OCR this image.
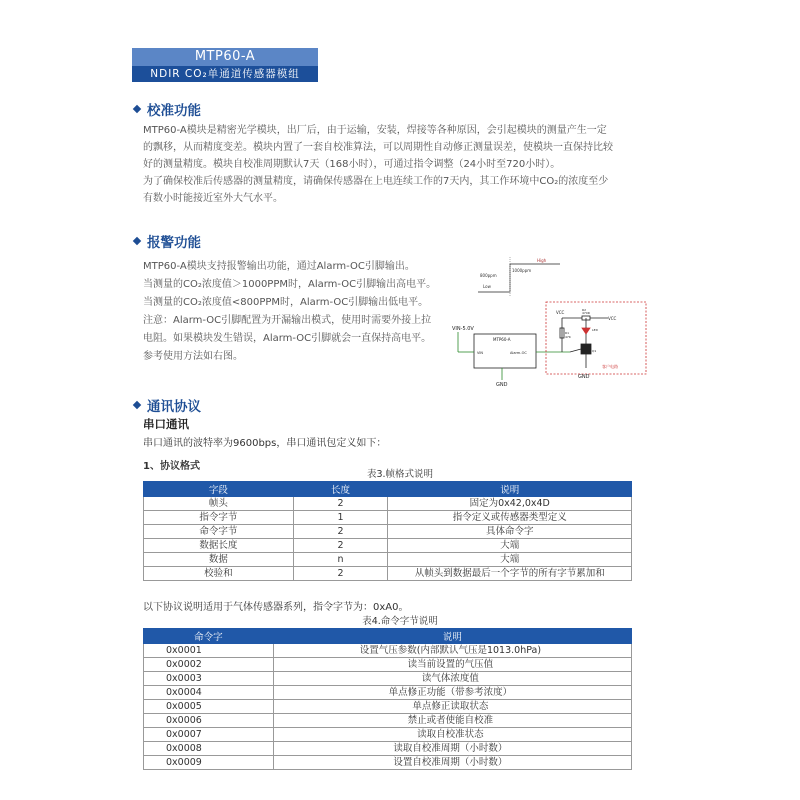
MTP60-A
NDIR CO₂单通道传感器模组
校准功能
MTP60-A模块是精密光学模块，出厂后，由于运输，安装，焊接等各种原因，会引起模块的测量产生一定
的飘移，从而精度变差。模块内置了一套自校准算法，可以周期性自动修正测量误差，使模块一直保持比较
好的测量精度。模块自校准周期默认7天（168小时），可通过指令调整（24小时至720小时）。
为了确保校准后传感器的测量精度，请确保传感器在上电连续工作的7天内，其工作环境中CO₂的浓度至少
有数小时能接近室外大气水平。
报警功能
MTP60-A模块支持报警输出功能，通过Alarm-OC引脚输出。
当测量的CO₂浓度值＞1000PPM时，Alarm-OC引脚输出高电平。
当测量的CO₂浓度值<800PPM时，Alarm-OC引脚输出低电平。
注意：Alarm-OC引脚配置为开漏输出模式，使用时需要外接上拉
电阻。如果模块发生错误，Alarm-OC引脚就会一直保持高电平。
参考使用方法如右图。
High
800ppm
1000ppm
Low
VIN-5.0V
MTP60-A
VIN	Alarm-OC
GND
VCC
VCC
R1
47K
R2
470R
LED
Q1
客户电路
GND
通讯协议
串口通讯
串口通讯的波特率为9600bps，串口通讯包定义如下：
1、协议格式
表3.帧格式说明
字段	长度	说明
帧头	2	固定为0x42,0x4D
指令字节	1	指令定义或传感器类型定义
命令字节	2	具体命令字
数据长度	2	大端
数据	n	大端
校验和	2	从帧头到数据最后一个字节的所有字节累加和
以下协议说明适用于气体传感器系列，指令字节为：0xA0。
表4.命令字节说明
命令字	说明
0x0001	设置气压参数(内部默认气压是1013.0hPa)
0x0002	读当前设置的气压值
0x0003	读气体浓度值
0x0004	单点修正功能（带参考浓度）
0x0005	单点修正读取状态
0x0006	禁止或者使能自校准
0x0007	读取自校准状态
0x0008	读取自校准周期（小时数）
0x0009	设置自校准周期（小时数）
